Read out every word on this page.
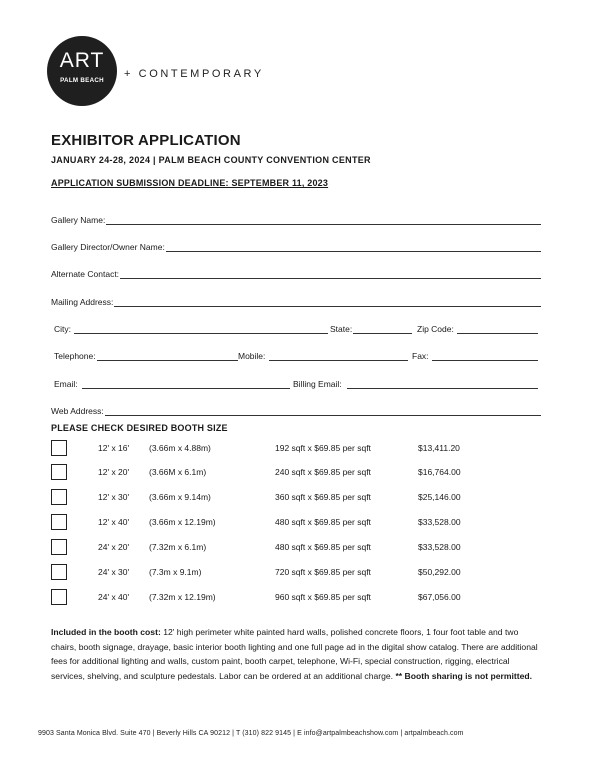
ART
PALM BEACH
+ CONTEMPORARY
EXHIBITOR APPLICATION
JANUARY 24-28, 2024 | PALM BEACH COUNTY CONVENTION CENTER
APPLICATION SUBMISSION DEADLINE: SEPTEMBER 11, 2023
Gallery Name:
Gallery Director/Owner Name:
Alternate Contact:
Mailing Address:
City:	State:	Zip Code:
Telephone:	Mobile:	Fax:
Email:	Billing Email:
Web Address:
PLEASE CHECK DESIRED BOOTH SIZE
12' x 16' (3.66m x 4.88m)	192 sqft x $69.85 per sqft	$13,411.20
12' x 20' (3.66M x 6.1m)	240 sqft x $69.85 per sqft	$16,764.00
12' x 30' (3.66m x 9.14m)	360 sqft x $69.85 per sqft	$25,146.00
12' x 40' (3.66m x 12.19m)	480 sqft x $69.85 per sqft	$33,528.00
24' x 20' (7.32m x 6.1m)	480 sqft x $69.85 per sqft	$33,528.00
24' x 30' (7.3m x 9.1m)	720 sqft x $69.85 per sqft	$50,292.00
24' x 40' (7.32m x 12.19m)	960 sqft x $69.85 per sqft	$67,056.00
Included in the booth cost: 12' high perimeter white painted hard walls, polished concrete floors, 1 four foot table and two chairs, booth signage, drayage, basic interior booth lighting and one full page ad in the digital show catalog. There are additional fees for additional lighting and walls, custom paint, booth carpet, telephone, Wi-Fi, special construction, rigging, electrical services, shelving, and sculpture pedestals. Labor can be ordered at an additional charge. ** Booth sharing is not permitted.
9903 Santa Monica Blvd. Suite 470 | Beverly Hills CA 90212 | T (310) 822 9145 | E info@artpalmbeachshow.com | artpalmbeach.com
